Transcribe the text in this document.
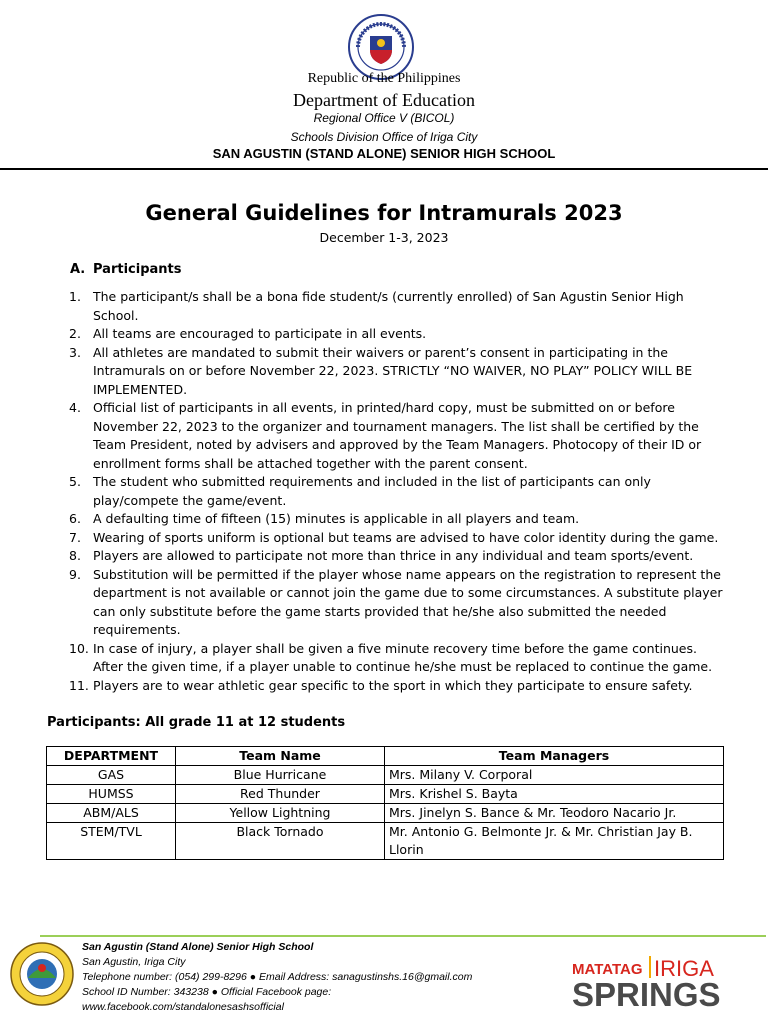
Republic of the Philippines
Department of Education
Regional Office V (BICOL)
Schools Division Office of Iriga City
SAN AGUSTIN (STAND ALONE) SENIOR HIGH SCHOOL
General Guidelines for Intramurals 2023
December 1-3, 2023
A. Participants
1. The participant/s shall be a bona fide student/s (currently enrolled) of San Agustin Senior High School.
2. All teams are encouraged to participate in all events.
3. All athletes are mandated to submit their waivers or parent’s consent in participating in the Intramurals on or before November 22, 2023. STRICTLY “NO WAIVER, NO PLAY” POLICY WILL BE IMPLEMENTED.
4. Official list of participants in all events, in printed/hard copy, must be submitted on or before November 22, 2023 to the organizer and tournament managers. The list shall be certified by the Team President, noted by advisers and approved by the Team Managers. Photocopy of their ID or enrollment forms shall be attached together with the parent consent.
5. The student who submitted requirements and included in the list of participants can only play/compete the game/event.
6. A defaulting time of fifteen (15) minutes is applicable in all players and team.
7. Wearing of sports uniform is optional but teams are advised to have color identity during the game.
8. Players are allowed to participate not more than thrice in any individual and team sports/event.
9. Substitution will be permitted if the player whose name appears on the registration to represent the department is not available or cannot join the game due to some circumstances. A substitute player can only substitute before the game starts provided that he/she also submitted the needed requirements.
10. In case of injury, a player shall be given a five minute recovery time before the game continues. After the given time, if a player unable to continue he/she must be replaced to continue the game.
11. Players are to wear athletic gear specific to the sport in which they participate to ensure safety.
Participants: All grade 11 at 12 students
DEPARTMENT	Team Name	Team Managers
GAS	Blue Hurricane	Mrs. Milany V. Corporal
HUMSS	Red Thunder	Mrs. Krishel S. Bayta
ABM/ALS	Yellow Lightning	Mrs. Jinelyn S. Bance & Mr. Teodoro Nacario Jr.
STEM/TVL	Black Tornado	Mr. Antonio G. Belmonte Jr. & Mr. Christian Jay B. Llorin
San Agustin (Stand Alone) Senior High School
San Agustin, Iriga City
Telephone number: (054) 299-8296 ● Email Address: sanagustinshs.16@gmail.com
School ID Number: 343238 ● Official Facebook page:
www.facebook.com/standalonesashsofficial
MATATAG IRIGA
SPRINGS
